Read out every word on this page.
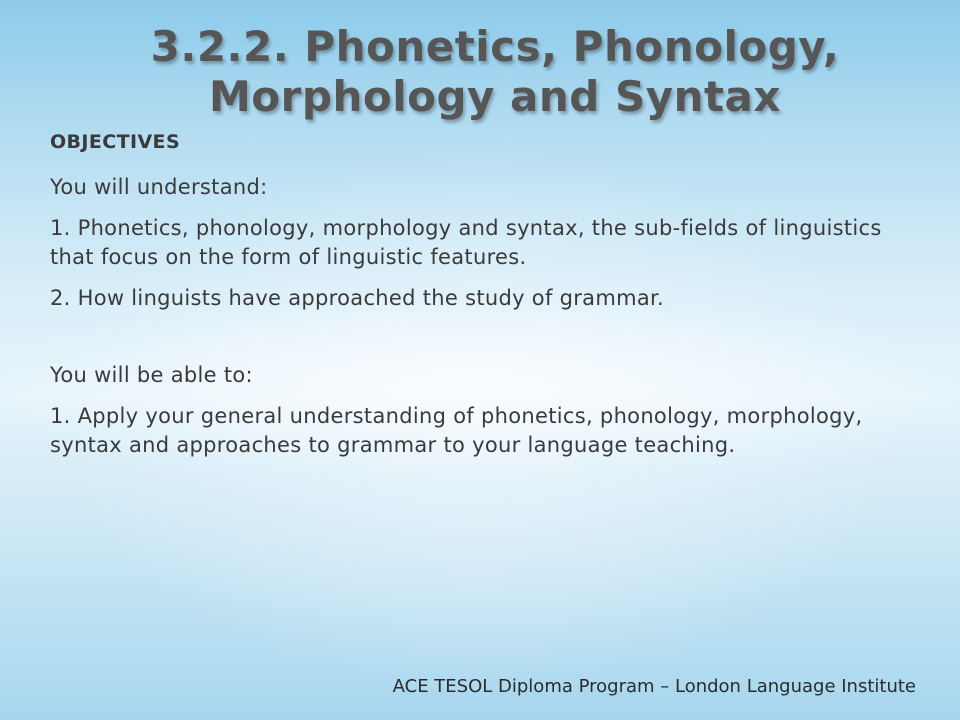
3.2.2. Phonetics, Phonology, Morphology and Syntax

OBJECTIVES

You will understand:

1. Phonetics, phonology, morphology and syntax, the sub-fields of linguistics that focus on the form of linguistic features.

2. How linguists have approached the study of grammar.

You will be able to:

1. Apply your general understanding of phonetics, phonology, morphology, syntax and approaches to grammar to your language teaching.

ACE TESOL Diploma Program – London Language Institute
